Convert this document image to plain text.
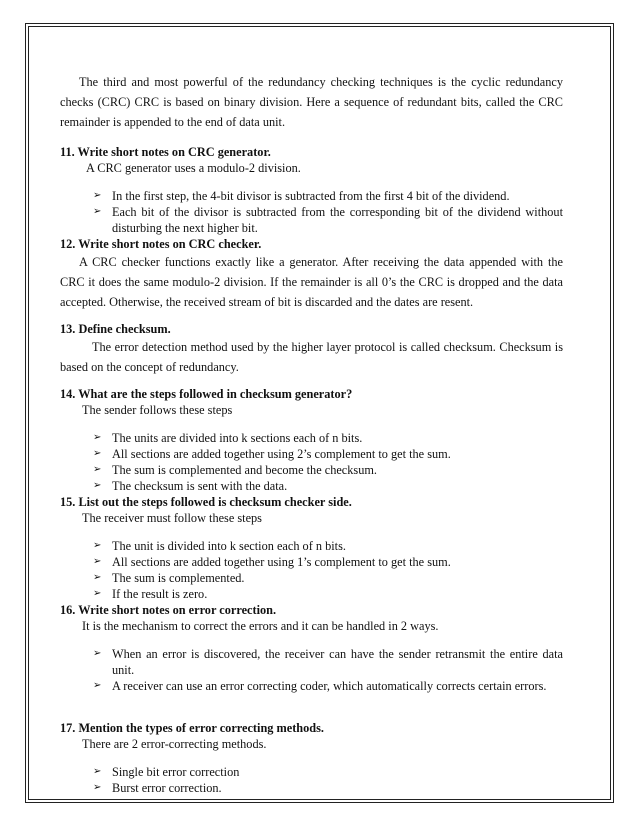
The third and most powerful of the redundancy checking techniques is the cyclic redundancy checks (CRC) CRC is based on binary division. Here a sequence of redundant bits, called the CRC remainder is appended to the end of data unit.

11. Write short notes on CRC generator.

A CRC generator uses a modulo-2 division.

➢ In the first step, the 4-bit divisor is subtracted from the first 4 bit of the dividend.
➢ Each bit of the divisor is subtracted from the corresponding bit of the dividend without disturbing the next higher bit.

12. Write short notes on CRC checker.

A CRC checker functions exactly like a generator. After receiving the data appended with the CRC it does the same modulo-2 division. If the remainder is all 0’s the CRC is dropped and the data accepted. Otherwise, the received stream of bit is discarded and the dates are resent.

13. Define checksum.

The error detection method used by the higher layer protocol is called checksum. Checksum is based on the concept of redundancy.

14. What are the steps followed in checksum generator?

The sender follows these steps

➢ The units are divided into k sections each of n bits.
➢ All sections are added together using 2’s complement to get the sum.
➢ The sum is complemented and become the checksum.
➢ The checksum is sent with the data.

15. List out the steps followed is checksum checker side.

The receiver must follow these steps

➢ The unit is divided into k section each of n bits.
➢ All sections are added together using 1’s complement to get the sum.
➢ The sum is complemented.
➢ If the result is zero.

16. Write short notes on error correction.

It is the mechanism to correct the errors and it can be handled in 2 ways.

➢ When an error is discovered, the receiver can have the sender retransmit the entire data unit.
➢ A receiver can use an error correcting coder, which automatically corrects certain errors.

17. Mention the types of error correcting methods.

There are 2 error-correcting methods.

➢ Single bit error correction
➢ Burst error correction.
